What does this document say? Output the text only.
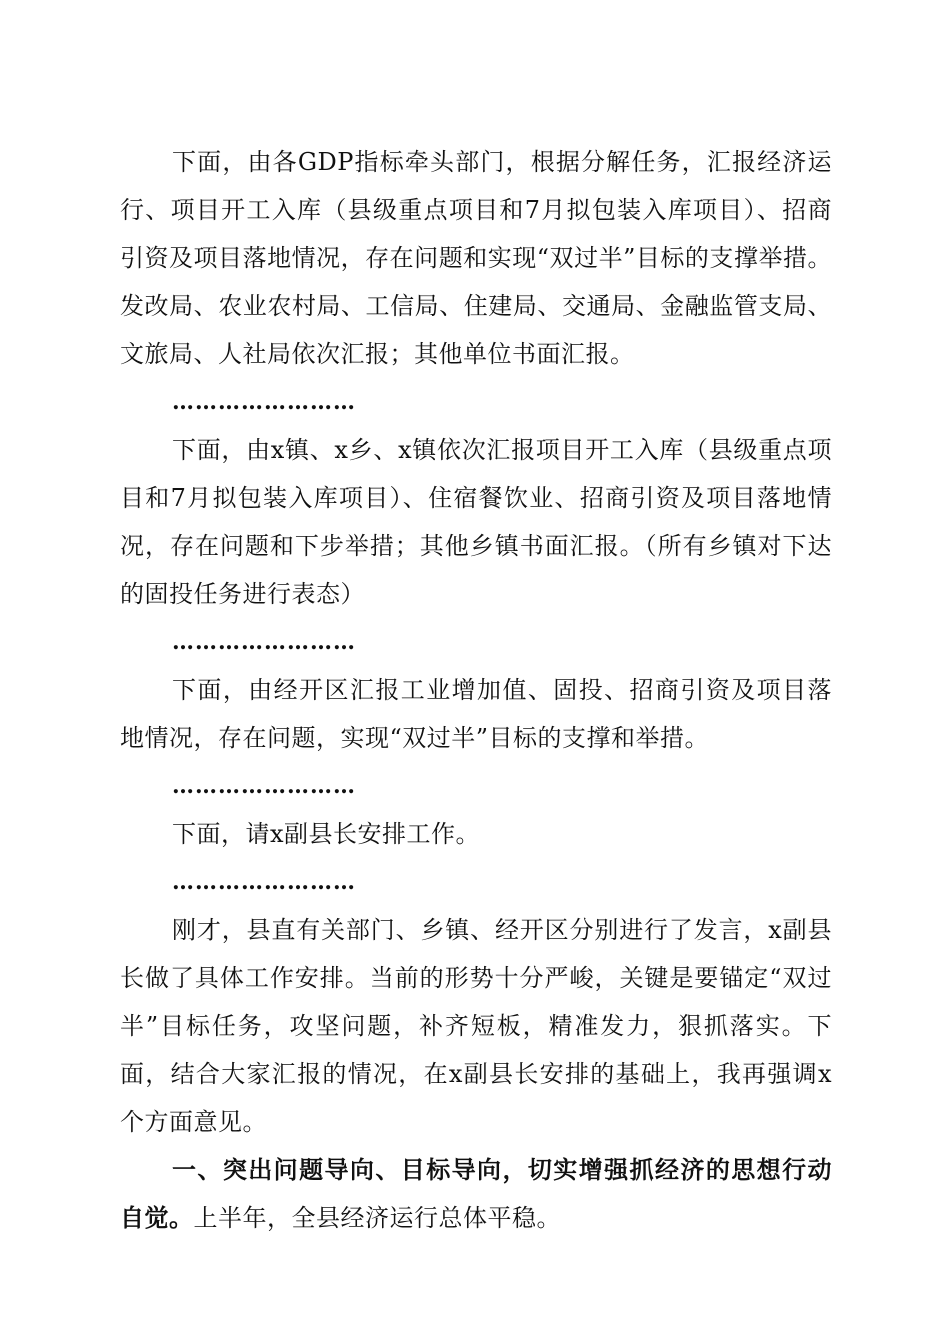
下面，由各GDP指标牵头部门，根据分解任务，汇报经济运行、项目开工入库（县级重点项目和7月拟包装入库项目）、招商引资及项目落地情况，存在问题和实现“双过半”目标的支撑举措。发改局、农业农村局、工信局、住建局、交通局、金融监管支局、文旅局、人社局依次汇报；其他单位书面汇报。

……………………

下面，由x镇、x乡、x镇依次汇报项目开工入库（县级重点项目和7月拟包装入库项目）、住宿餐饮业、招商引资及项目落地情况，存在问题和下步举措；其他乡镇书面汇报。（所有乡镇对下达的固投任务进行表态）

……………………

下面，由经开区汇报工业增加值、固投、招商引资及项目落地情况，存在问题，实现“双过半”目标的支撑和举措。

……………………

下面，请x副县长安排工作。

……………………

刚才，县直有关部门、乡镇、经开区分别进行了发言，x副县长做了具体工作安排。当前的形势十分严峻，关键是要锚定“双过半”目标任务，攻坚问题，补齐短板，精准发力，狠抓落实。下面，结合大家汇报的情况，在x副县长安排的基础上，我再强调x个方面意见。

一、突出问题导向、目标导向，切实增强抓经济的思想行动自觉。上半年，全县经济运行总体平稳。
